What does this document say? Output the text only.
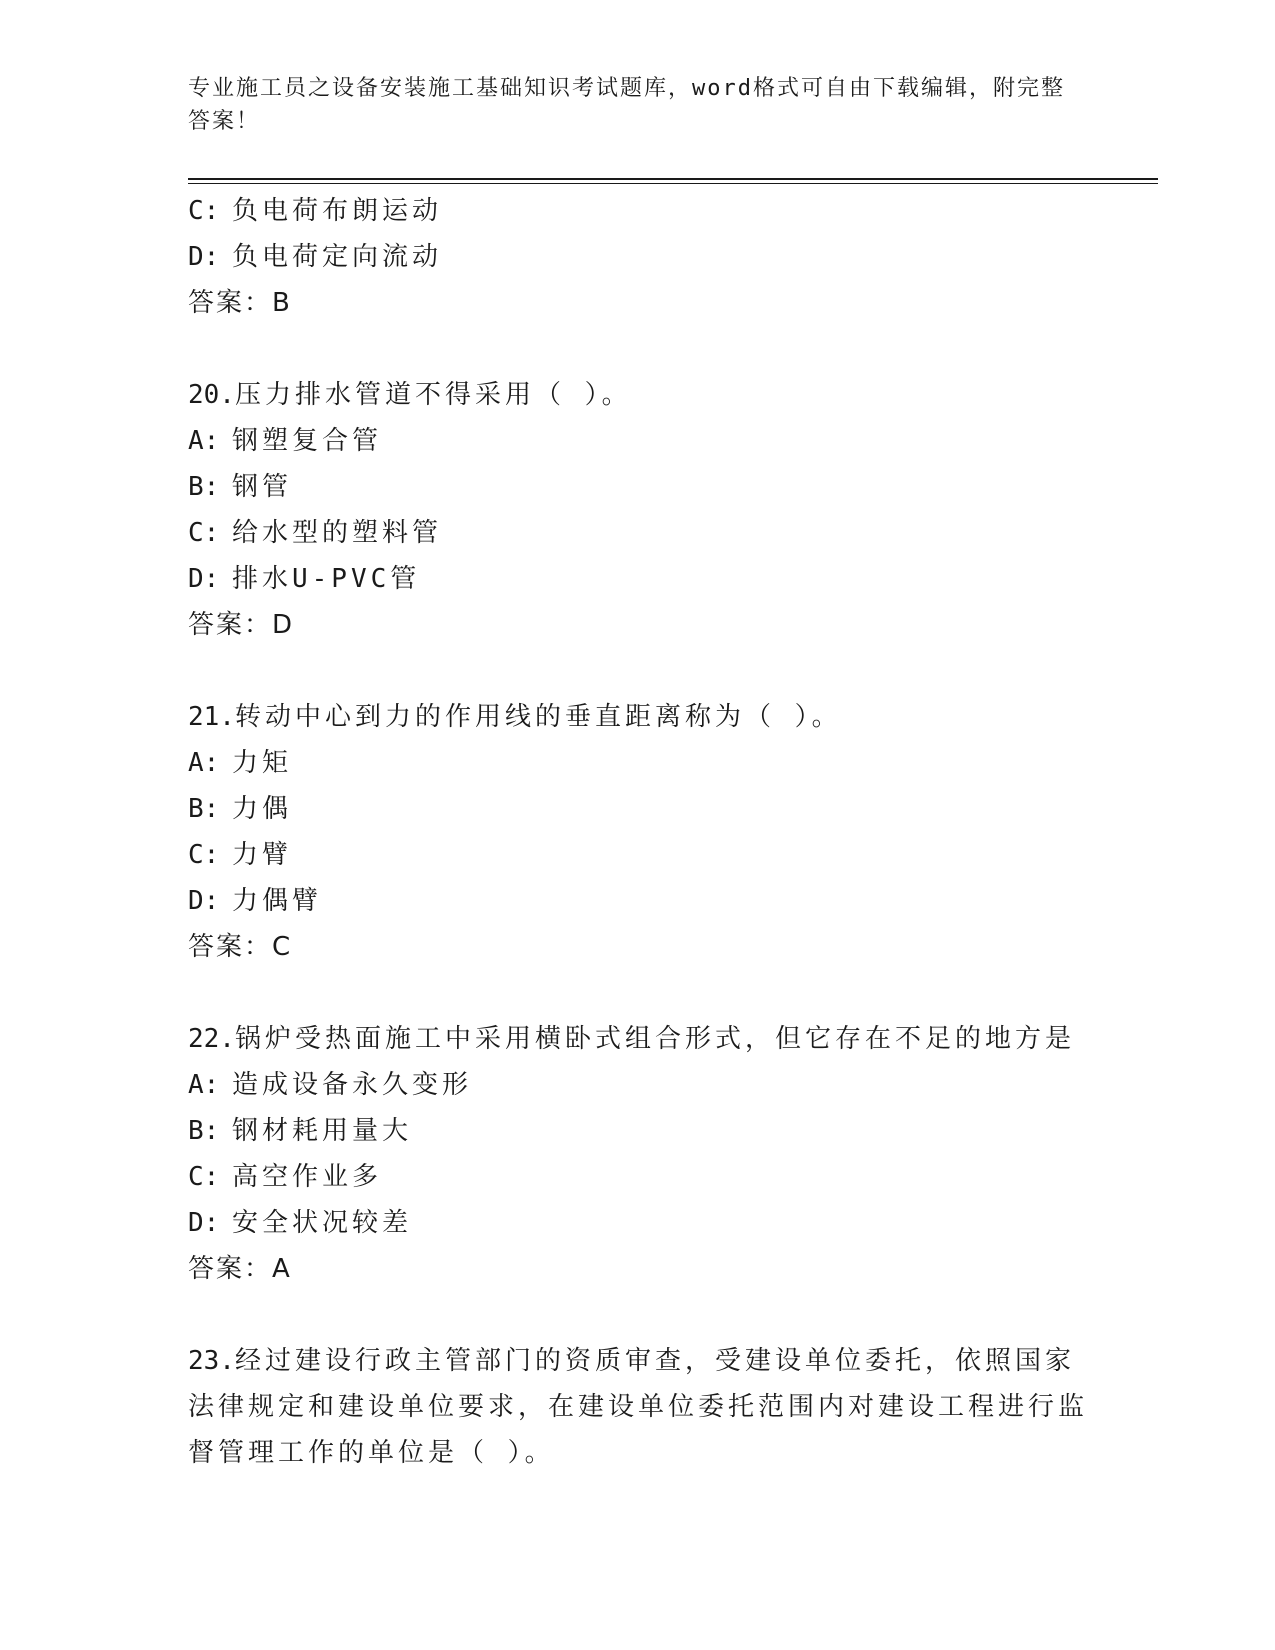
专业施工员之设备安装施工基础知识考试题库，word格式可自由下载编辑，附完整答案！
C: 负电荷布朗运动
D: 负电荷定向流动
答案：B
20.压力排水管道不得采用（ ）。
A: 钢塑复合管
B: 钢管
C: 给水型的塑料管
D: 排水U-PVC管
答案：D
21.转动中心到力的作用线的垂直距离称为（ ）。
A: 力矩
B: 力偶
C: 力臂
D: 力偶臂
答案：C
22.锅炉受热面施工中采用横卧式组合形式，但它存在不足的地方是
A: 造成设备永久变形
B: 钢材耗用量大
C: 高空作业多
D: 安全状况较差
答案：A
23.经过建设行政主管部门的资质审查，受建设单位委托，依照国家法律规定和建设单位要求，在建设单位委托范围内对建设工程进行监督管理工作的单位是（ ）。
